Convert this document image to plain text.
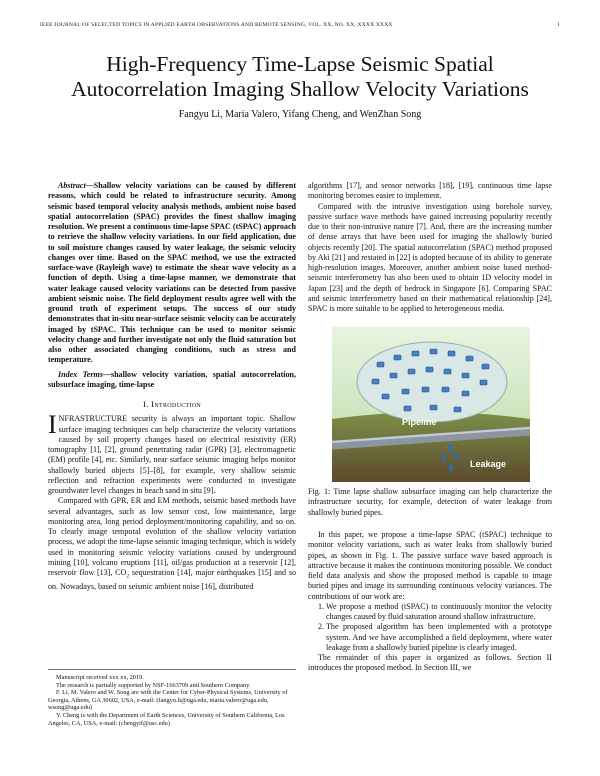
IEEE JOURNAL OF SELECTED TOPICS IN APPLIED EARTH OBSERVATIONS AND REMOTE SENSING, VOL. XX, NO. XX, XXXX XXXX	1
High-Frequency Time-Lapse Seismic Spatial
Autocorrelation Imaging Shallow Velocity Variations
Fangyu Li, Maria Valero, Yifang Cheng, and WenZhan Song

Abstract—Shallow velocity variations can be caused by different reasons, which could be related to infrastructure security. Among seismic based temporal velocity analysis methods, ambient noise based spatial autocorrelation (SPAC) provides the finest shallow imaging resolution. We present a continuous time-lapse SPAC (tSPAC) approach to retrieve the shallow velocity variations. In our field application, due to soil moisture changes caused by water leakage, the seismic velocity changes over time. Based on the SPAC method, we use the extracted surface-wave (Rayleigh wave) to estimate the shear wave velocity as a function of depth. Using a time-lapse manner, we demonstrate that water leakage caused velocity variations can be detected from passive ambient seismic noise. The field deployment results agree well with the ground truth of experiment setups. The success of our study demonstrates that in-situ near-surface seismic velocity can be accurately imaged by tSPAC. This technique can be used to monitor seismic velocity change and further investigate not only the fluid saturation but also other associated changing conditions, such as stress and temperature.

Index Terms—shallow velocity variation, spatial autocorrelation, subsurface imaging, time-lapse

I. Introduction

INFRASTRUCTURE security is always an important topic. Shallow surface imaging techniques can help characterize the velocity variations caused by soil property changes based on electrical resistivity (ER) tomography [1], [2], ground penetrating radar (GPR) [3], electromagnetic (EM) profile [4], etc. Similarly, near surface seismic imaging helps monitor shallowly buried objects [5]–[8], for example, very shallow seismic reflection and refraction experiments were conducted to investigate groundwater level changes in beach sand in situ [9].

Compared with GPR, ER and EM methods, seismic based methods have several advantages, such as low sensor cost, low maintenance, large monitoring area, long period deployment/monitoring capability, and so on. To clearly image temporal evolution of the shallow velocity variation process, we adopt the time-lapse seismic imaging technique, which is widely used in monitoring seismic velocity variations caused by underground mining [10], volcano eruptions [11], oil/gas production at a reservoir [12], reservoir flow [13], $CO_2$ sequestration [14], major earthquakes [15] and so on. Nowadays, based on seismic ambient noise [16], distributed

Manuscript received xxx xx, 2019.

The research is partially supported by NSF-1663709 and Southern Company.

F. Li, M. Valero and W. Song are with the Center for Cyber-Physical Systems, University of Georgia, Athens, GA 30602, USA, e-mail: (fangyu.li@uga.edu, maria.valero@uga.edu, wsong@uga.edu)

Y. Cheng is with the Department of Earth Sciences, University of Southern California, Los Angeles, CA, USA, e-mail: (chengyif@usc.edu)

algorithms [17], and sensor networks [18], [19], continuous time lapse monitoring becomes easier to implement.

Compared with the intrusive investigation using borehole survey, passive surface wave methods have gained increasing popularity recently due to their non-intrusive nature [7]. And, there are the increasing number of dense arrays that have been used for imaging the shallowly buried objects recently [20]. The spatial autocorrelation (SPAC) method proposed by Aki [21] and restated in [22] is adopted because of its ability to generate high-resolution images. Moreover, another ambient noise based method-seismic interferometry has also been used to obtain 1D velocity model in Japan [23] and the depth of bedrock in Singapore [6]. Comparing SPAC and seismic interferometry based on their mathematical relationship [24], SPAC is more suitable to be applied to heterogeneous media.

Pipeline
Leakage
Fig. 1: Time lapse shallow subsurface imaging can help characterize the infrastructure security, for example, detection of water leakage from shallowly buried pipes.

In this paper, we propose a time-lapse SPAC (tSPAC) technique to monitor velocity variations, such as water leaks from shallowly buried pipes, as shown in Fig. 1. The passive surface wave based approach is attractive because it makes the continuous monitoring possible. We conduct field data analysis and show the proposed method is capable to image buried pipes and image its surrounding continuous velocity variances. The contributions of our work are:

1. We propose a method (tSPAC) to continuously monitor the velocity changes caused by fluid saturation around shallow infrastructure.
2. The proposed algorithm has been implemented with a prototype system. And we have accomplished a field deployment, where water leakage from a shallowly buried pipeline is clearly imaged.

The remainder of this paper is organized as follows. Section II introduces the proposed method. In Section III, we
